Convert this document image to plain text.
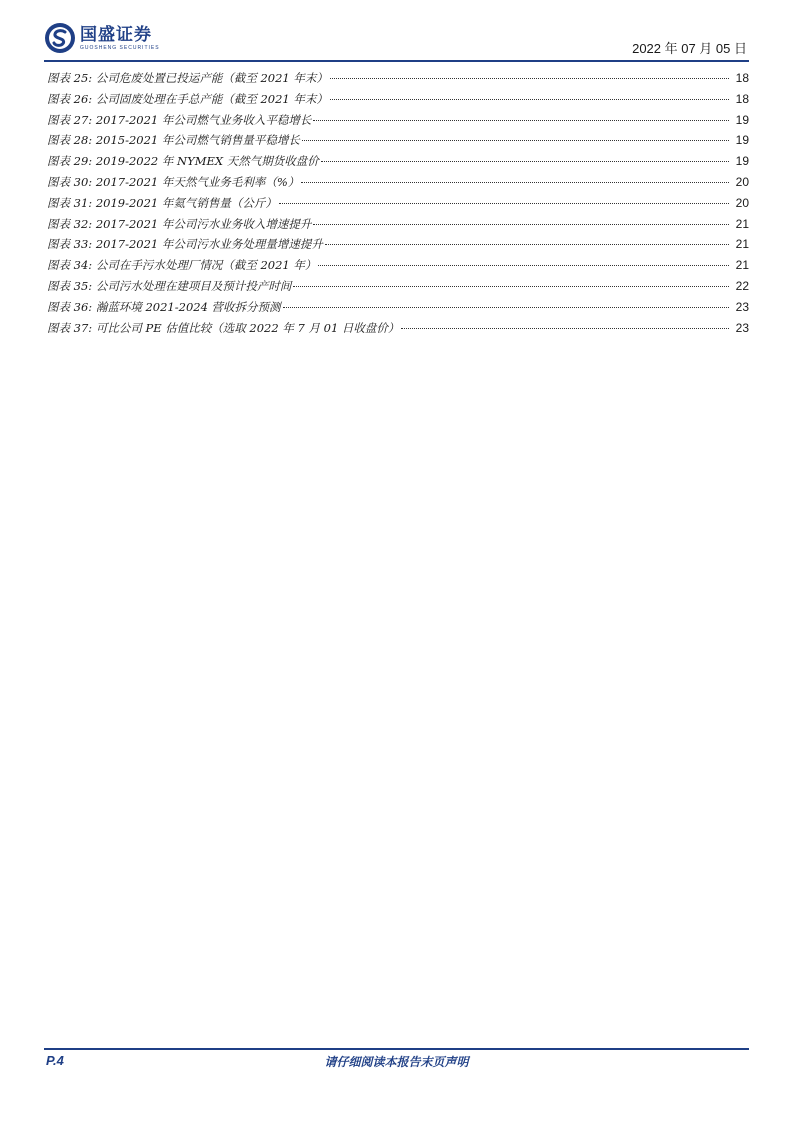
国盛证券
GUOSHENG SECURITIES	2022 年 07 月 05 日
图表 25: 公司危废处置已投运产能（截至 2021 年末）	18
图表 26: 公司固废处理在手总产能（截至 2021 年末）	18
图表 27: 2017-2021 年公司燃气业务收入平稳增长	19
图表 28: 2015-2021 年公司燃气销售量平稳增长	19
图表 29: 2019-2022 年 NYMEX 天然气期货收盘价	19
图表 30: 2017-2021 年天然气业务毛利率（%）	20
图表 31: 2019-2021 年氦气销售量（公斤）	20
图表 32: 2017-2021 年公司污水业务收入增速提升	21
图表 33: 2017-2021 年公司污水业务处理量增速提升	21
图表 34: 公司在手污水处理厂情况（截至 2021 年）	21
图表 35: 公司污水处理在建项目及预计投产时间	22
图表 36: 瀚蓝环境 2021-2024 营收拆分预测	23
图表 37: 可比公司 PE 估值比较（选取 2022 年 7 月 01 日收盘价）	23
P.4	请仔细阅读本报告末页声明
